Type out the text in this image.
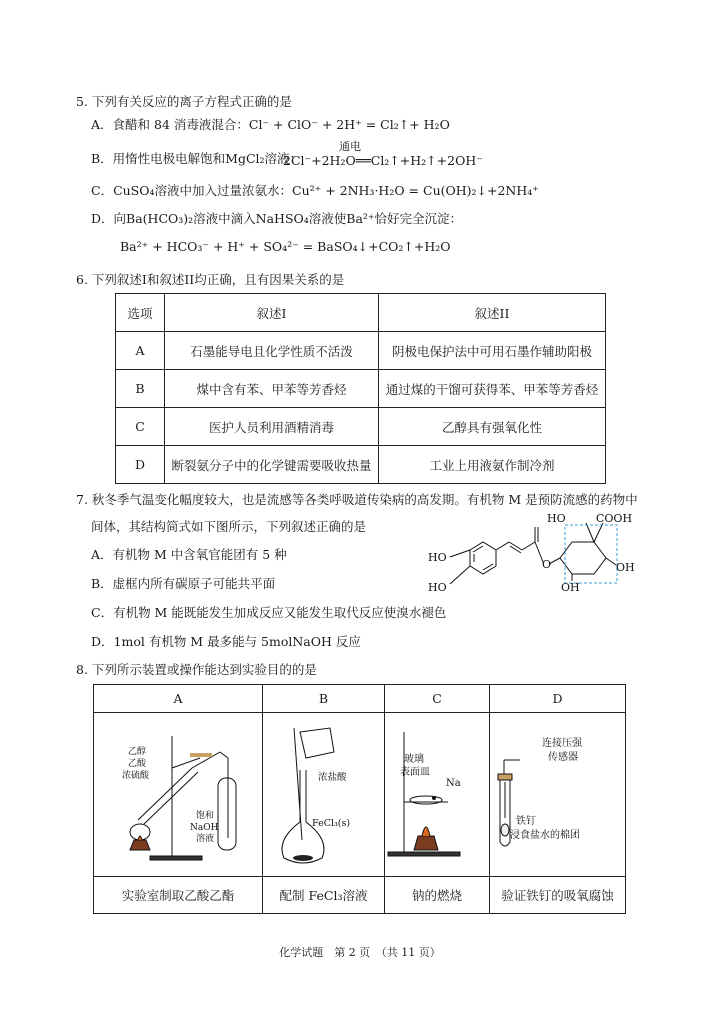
5. 下列有关反应的离子方程式正确的是
A．食醋和 84 消毒液混合：Cl⁻ + ClO⁻ + 2H⁺ = Cl₂↑+ H₂O
B．用惰性电极电解饱和MgCl₂溶液：
通电
2Cl⁻+2H₂O══Cl₂↑+H₂↑+2OH⁻
C．CuSO₄溶液中加入过量浓氨水：Cu²⁺ + 2NH₃·H₂O = Cu(OH)₂↓+2NH₄⁺
D．向Ba(HCO₃)₂溶液中滴入NaHSO₄溶液使Ba²⁺恰好完全沉淀：
Ba²⁺ + HCO₃⁻ + H⁺ + SO₄²⁻ = BaSO₄↓+CO₂↑+H₂O
6. 下列叙述I和叙述II均正确，且有因果关系的是
选项	叙述I	叙述II
A	石墨能导电且化学性质不活泼	阴极电保护法中可用石墨作辅助阳极
B	煤中含有苯、甲苯等芳香烃	通过煤的干馏可获得苯、甲苯等芳香烃
C	医护人员利用酒精消毒	乙醇具有强氧化性
D	断裂氨分子中的化学键需要吸收热量	工业上用液氨作制冷剂
7. 秋冬季气温变化幅度较大，也是流感等各类呼吸道传染病的高发期。有机物 M 是预防流感的药物中
间体，其结构简式如下图所示，下列叙述正确的是
A．有机物 M 中含氧官能团有 5 种
B．虚框内所有碳原子可能共平面
C．有机物 M 能既能发生加成反应又能发生取代反应使溴水褪色
D．1mol 有机物 M 最多能与 5molNaOH 反应
HO
HO
O
HO	COOH
OH
OH
8. 下列所示装置或操作能达到实验目的的是
A	B	C	D

实验室制取乙酸乙酯	配制 FeCl₃溶液	钠的燃烧	验证铁钉的吸氧腐蚀
乙醇
乙酸
浓硫酸
饱和
NaOH
溶液
浓盐酸
FeCl₃(s)
玻璃
表面皿
Na
连接压强
传感器
铁钉
浸食盐水的棉团
化学试题　第 2 页　（共 11 页）
